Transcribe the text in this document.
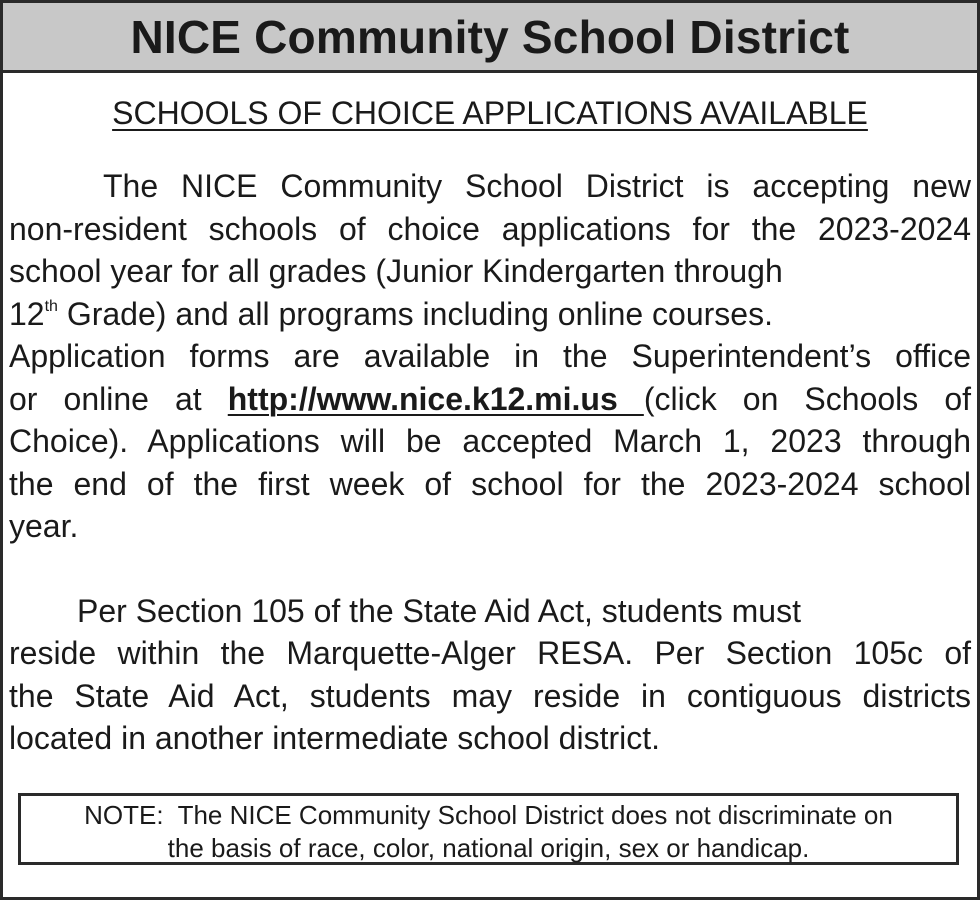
NICE Community School District
SCHOOLS OF CHOICE APPLICATIONS AVAILABLE
The NICE Community School District is accepting new
non-resident schools of choice applications for the 2023-2024
school year for all grades (Junior Kindergarten through
12th Grade) and all programs including online courses.
Application forms are available in the Superintendent’s office
or online at http://www.nice.k12.mi.us (click on Schools of
Choice). Applications will be accepted March 1, 2023 through
the end of the first week of school for the 2023-2024 school
year.
Per Section 105 of the State Aid Act, students must
reside within the Marquette-Alger RESA. Per Section 105c of
the State Aid Act, students may reside in contiguous districts
located in another intermediate school district.
NOTE:  The NICE Community School District does not discriminate on
the basis of race, color, national origin, sex or handicap.
